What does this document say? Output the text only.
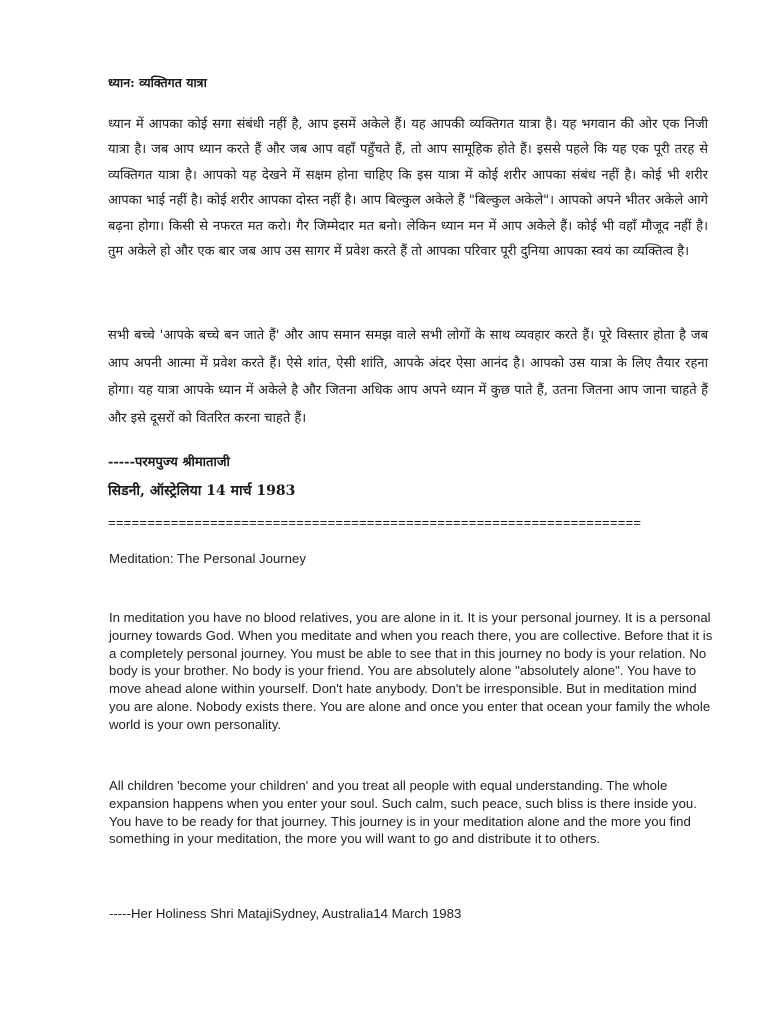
ध्यान: व्यक्तिगत यात्रा
ध्यान में आपका कोई सगा संबंधी नहीं है, आप इसमें अकेले हैं। यह आपकी व्यक्तिगत यात्रा है। यह भगवान की ओर एक निजी यात्रा है। जब आप ध्यान करते हैं और जब आप वहाँ पहुँचते हैं, तो आप सामूहिक होते हैं। इससे पहले कि यह एक पूरी तरह से व्यक्तिगत यात्रा है। आपको यह देखने में सक्षम होना चाहिए कि इस यात्रा में कोई शरीर आपका संबंध नहीं है। कोई भी शरीर आपका भाई नहीं है। कोई शरीर आपका दोस्त नहीं है। आप बिल्कुल अकेले हैं "बिल्कुल अकेले"। आपको अपने भीतर अकेले आगे बढ़ना होगा। किसी से नफरत मत करो। गैर जिम्मेदार मत बनो। लेकिन ध्यान मन में आप अकेले हैं। कोई भी वहाँ मौजूद नहीं है। तुम अकेले हो और एक बार जब आप उस सागर में प्रवेश करते हैं तो आपका परिवार पूरी दुनिया आपका स्वयं का व्यक्तित्व है।
सभी बच्चे 'आपके बच्चे बन जाते हैं' और आप समान समझ वाले सभी लोगों के साथ व्यवहार करते हैं। पूरे विस्तार होता है जब आप अपनी आत्मा में प्रवेश करते हैं। ऐसे शांत, ऐसी शांति, आपके अंदर ऐसा आनंद है। आपको उस यात्रा के लिए तैयार रहना होगा। यह यात्रा आपके ध्यान में अकेले है और जितना अधिक आप अपने ध्यान में कुछ पाते हैं, उतना जितना आप जाना चाहते हैं और इसे दूसरों को वितरित करना चाहते हैं।
-----परमपुज्य श्रीमाताजी
सिडनी, ऑस्ट्रेलिया 14 मार्च 1983
====================================================================
Meditation: The Personal Journey
In meditation you have no blood relatives, you are alone in it. It is your personal journey. It is a personal journey towards God. When you meditate and when you reach there, you are collective. Before that it is a completely personal journey. You must be able to see that in this journey no body is your relation. No body is your brother. No body is your friend. You are absolutely alone "absolutely alone". You have to move ahead alone within yourself. Don't hate anybody. Don't be irresponsible. But in meditation mind you are alone. Nobody exists there. You are alone and once you enter that ocean your family the whole world is your own personality.
All children 'become your children' and you treat all people with equal understanding. The whole expansion happens when you enter your soul. Such calm, such peace, such bliss is there inside you. You have to be ready for that journey. This journey is in your meditation alone and the more you find something in your meditation, the more you will want to go and distribute it to others.
-----Her Holiness Shri MatajiSydney, Australia14 March 1983
